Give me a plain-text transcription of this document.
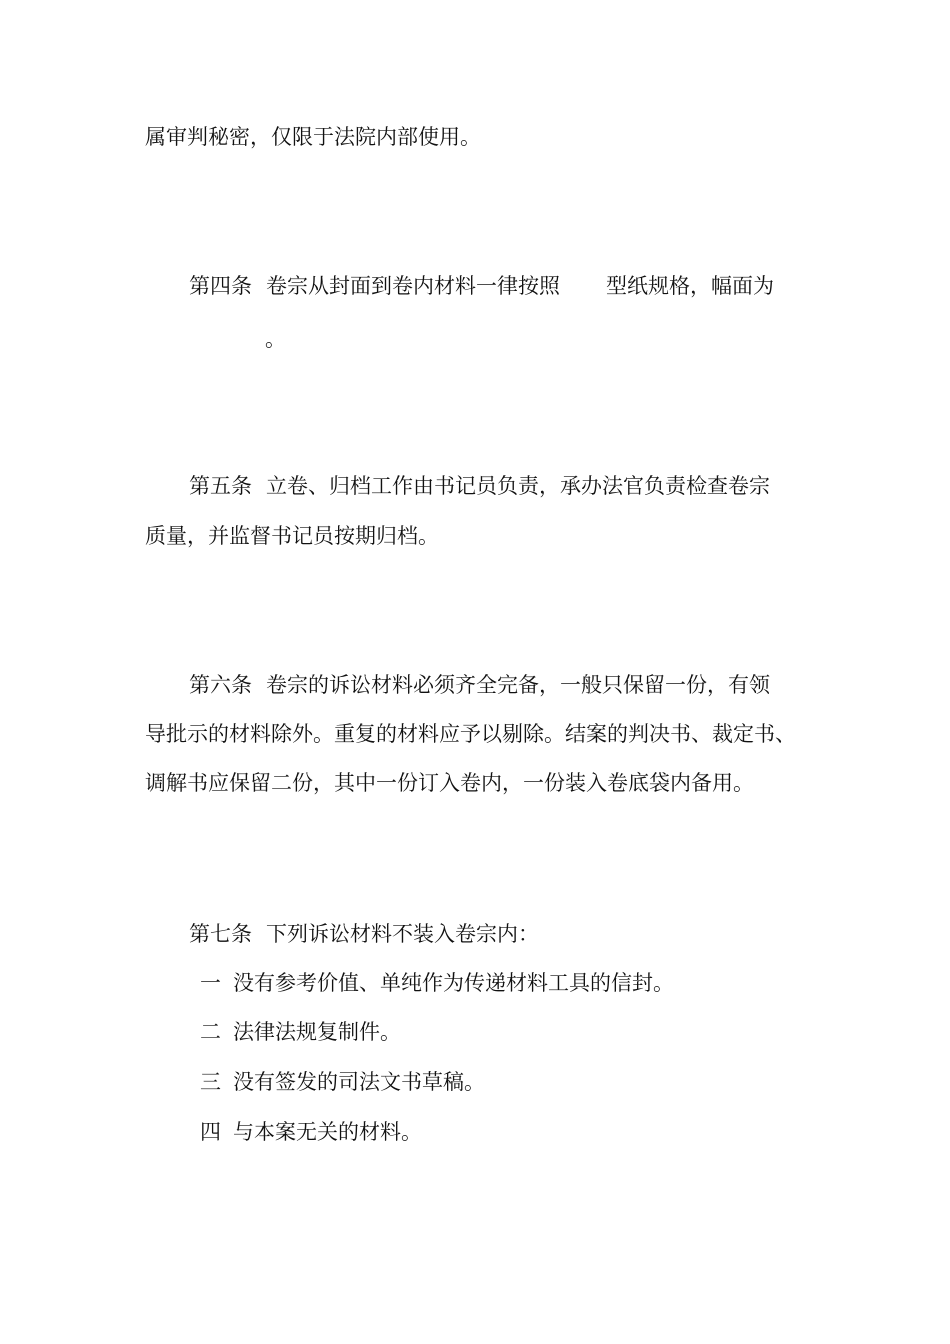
属审判秘密，仅限于法院内部使用。
第四条 卷宗从封面到卷内材料一律按照 型纸规格，幅面为
。
第五条 立卷、归档工作由书记员负责，承办法官负责检查卷宗
质量，并监督书记员按期归档。
第六条 卷宗的诉讼材料必须齐全完备，一般只保留一份，有领
导批示的材料除外。重复的材料应予以剔除。结案的判决书、裁定书、
调解书应保留二份，其中一份订入卷内，一份装入卷底袋内备用。
第七条 下列诉讼材料不装入卷宗内：
一 没有参考价值、单纯作为传递材料工具的信封。
二 法律法规复制件。
三 没有签发的司法文书草稿。
四 与本案无关的材料。
